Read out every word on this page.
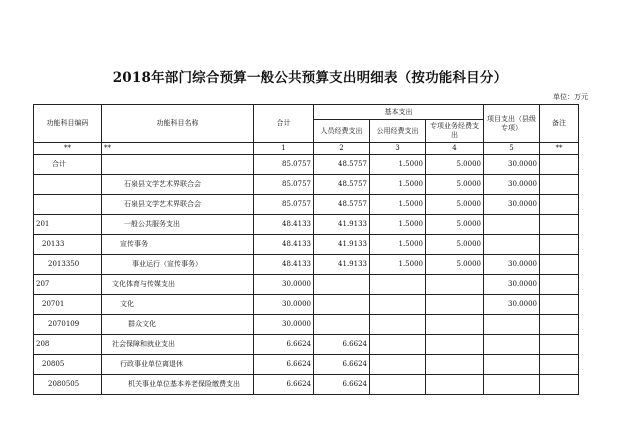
2018年部门综合预算一般公共预算支出明细表（按功能科目分）
单位：万元
功能科目编码	功能科目名称	合计	基本支出			项目支出（县级专项）	备注
			人员经费支出	公用经费支出	专项业务经费支出		
**	**	1	2	3	4	5	**
合计		85.0757	48.5757	1.5000	5.0000	30.0000	
	石泉县文学艺术界联合会	85.0757	48.5757	1.5000	5.0000	30.0000	
	石泉县文学艺术界联合会	85.0757	48.5757	1.5000	5.0000	30.0000	
201	一般公共服务支出	48.4133	41.9133	1.5000	5.0000		
20133	宣传事务	48.4133	41.9133	1.5000	5.0000		
2013350	事业运行（宣传事务）	48.4133	41.9133	1.5000	5.0000	30.0000	
207	文化体育与传媒支出	30.0000				30.0000	
20701	文化	30.0000				30.0000	
2070109	群众文化	30.0000					
208	社会保障和就业支出	6.6624	6.6624				
20805	行政事业单位离退休	6.6624	6.6624				
2080505	机关事业单位基本养老保险缴费支出	6.6624	6.6624				
